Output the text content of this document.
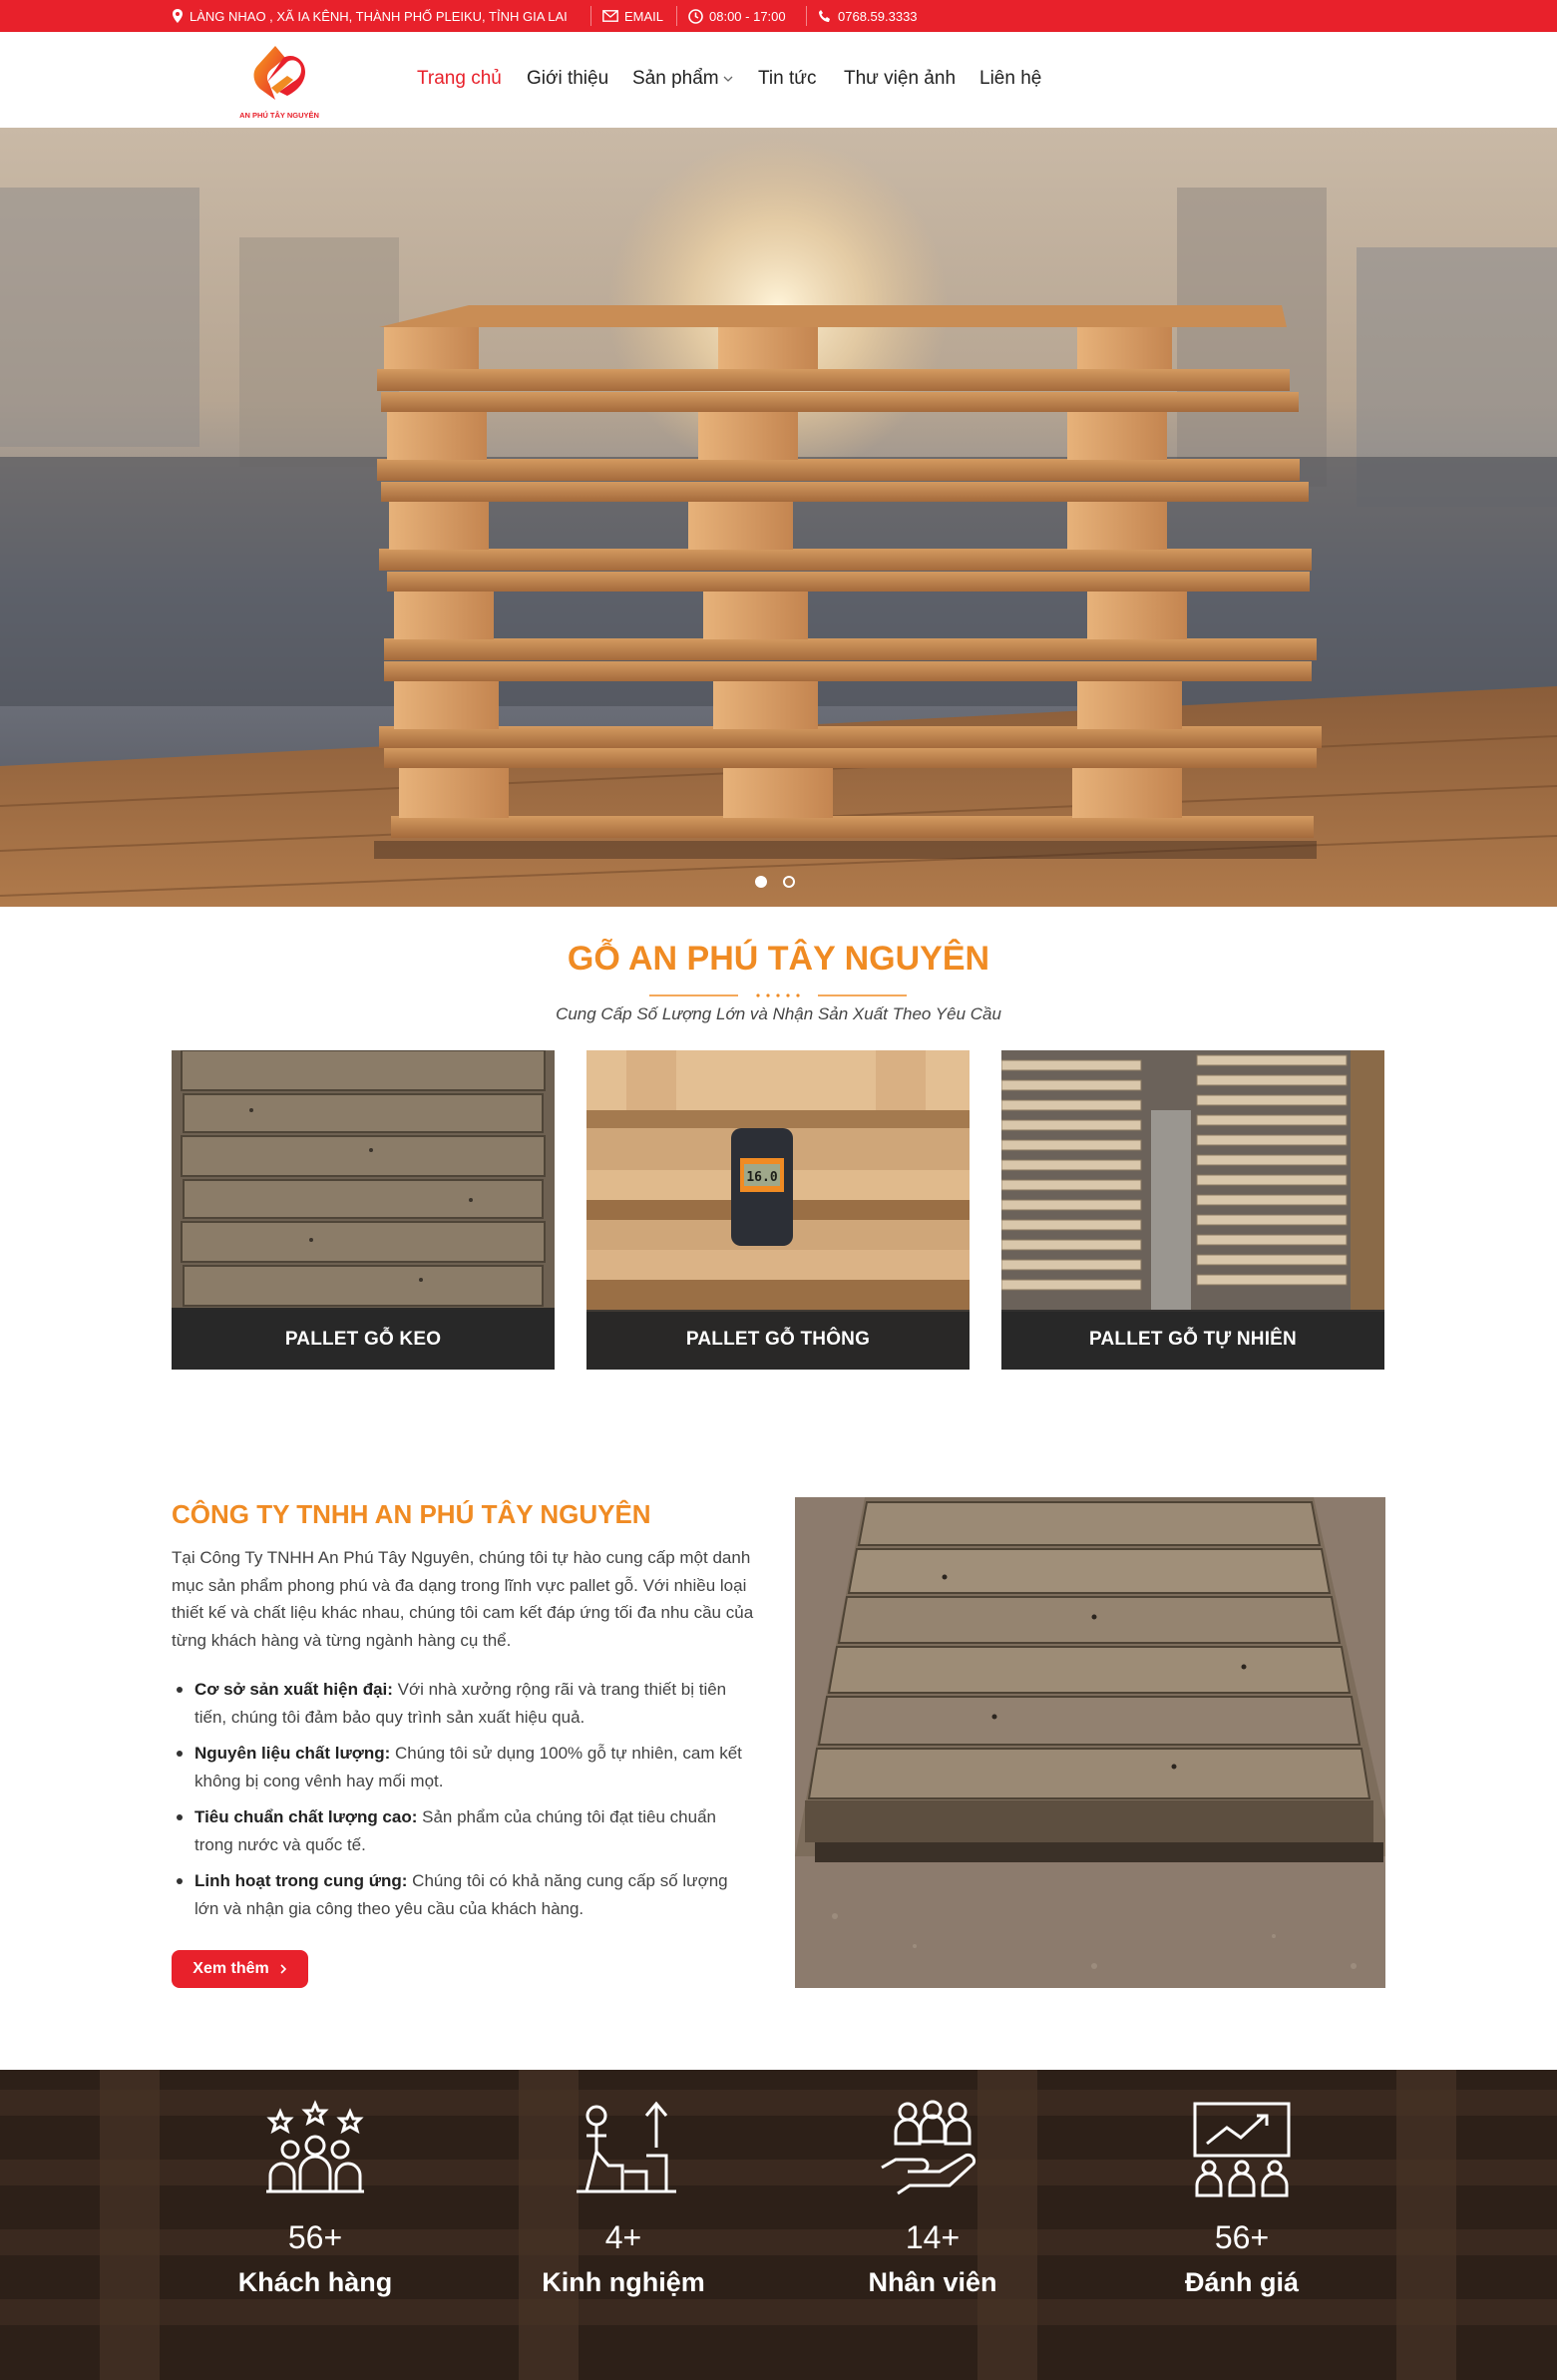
LÀNG NHAO , XÃ IA KÊNH, THÀNH PHỐ PLEIKU, TỈNH GIA LAI	EMAIL	08:00 - 17:00	0768.59.3333
AN PHÚ TÂY NGUYÊN
Trang chủ Giới thiệu Sản phẩm	Tin tức Thư viện ảnh Liên hệ
GỖ AN PHÚ TÂY NGUYÊN
Cung Cấp Số Lượng Lớn và Nhận Sản Xuất Theo Yêu Cầu
PALLET GỖ KEO
16.0
PALLET GỖ THÔNG	PALLET GỖ TỰ NHIÊN
CÔNG TY TNHH AN PHÚ TÂY NGUYÊN

Tại Công Ty TNHH An Phú Tây Nguyên, chúng tôi tự hào cung cấp một danh mục sản phẩm phong phú và đa dạng trong lĩnh vực pallet gỗ. Với nhiều loại thiết kế và chất liệu khác nhau, chúng tôi cam kết đáp ứng tối đa nhu cầu của từng khách hàng và từng ngành hàng cụ thể.

Cơ sở sản xuất hiện đại: Với nhà xưởng rộng rãi và trang thiết bị tiên tiến, chúng tôi đảm bảo quy trình sản xuất hiệu quả.
Nguyên liệu chất lượng: Chúng tôi sử dụng 100% gỗ tự nhiên, cam kết không bị cong vênh hay mối mọt.
Tiêu chuẩn chất lượng cao: Sản phẩm của chúng tôi đạt tiêu chuẩn trong nước và quốc tế.
Linh hoạt trong cung ứng: Chúng tôi có khả năng cung cấp số lượng lớn và nhận gia công theo yêu cầu của khách hàng.
Xem thêm
56+
Khách hàng
4+
Kinh nghiệm
14+
Nhân viên
56+
Đánh giá
